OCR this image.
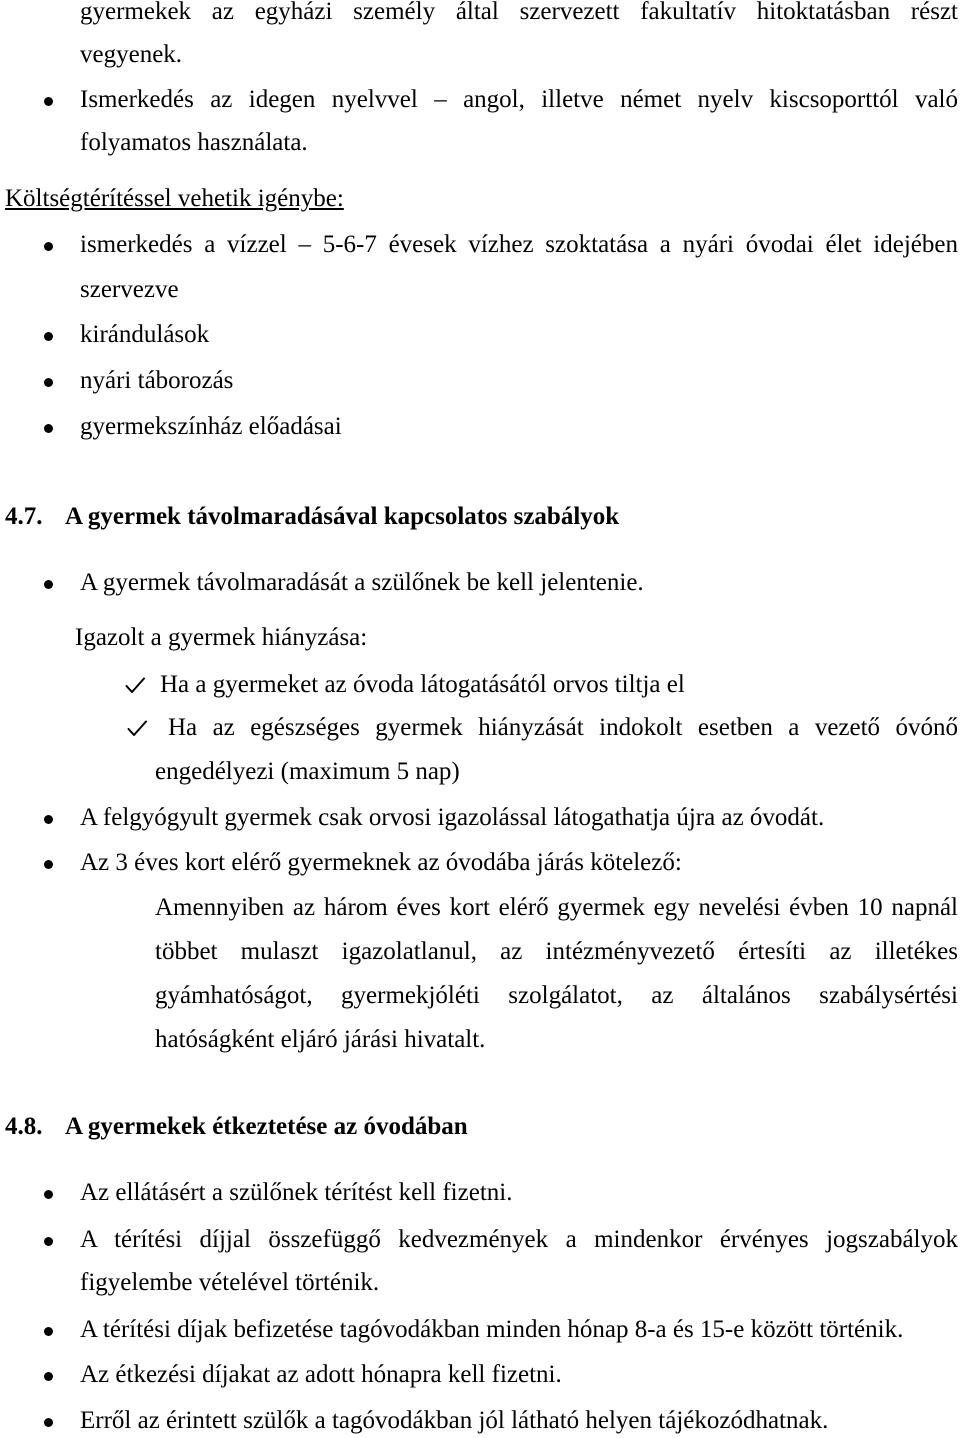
gyermekek az egyházi személy által szervezett fakultatív hitoktatásban részt
vegyenek.
Ismerkedés az idegen nyelvvel – angol, illetve német nyelv kiscsoporttól való
folyamatos használata.
Költségtérítéssel vehetik igénybe:
ismerkedés a vízzel – 5-6-7 évesek vízhez szoktatása a nyári óvodai élet idejében
szervezve
kirándulások
nyári táborozás
gyermekszínház előadásai
4.7. A gyermek távolmaradásával kapcsolatos szabályok
A gyermek távolmaradását a szülőnek be kell jelentenie.
Igazolt a gyermek hiányzása:
Ha a gyermeket az óvoda látogatásától orvos tiltja el
Ha az egészséges gyermek hiányzását indokolt esetben a vezető óvónő
engedélyezi (maximum 5 nap)
A felgyógyult gyermek csak orvosi igazolással látogathatja újra az óvodát.
Az 3 éves kort elérő gyermeknek az óvodába járás kötelező:
Amennyiben az három éves kort elérő gyermek egy nevelési évben 10 napnál
többet mulaszt igazolatlanul, az intézményvezető értesíti az illetékes
gyámhatóságot, gyermekjóléti szolgálatot, az általános szabálysértési
hatóságként eljáró járási hivatalt.
4.8. A gyermekek étkeztetése az óvodában
Az ellátásért a szülőnek térítést kell fizetni.
A térítési díjjal összefüggő kedvezmények a mindenkor érvényes jogszabályok
figyelembe vételével történik.
A térítési díjak befizetése tagóvodákban minden hónap 8-a és 15-e között történik.
Az étkezési díjakat az adott hónapra kell fizetni.
Erről az érintett szülők a tagóvodákban jól látható helyen tájékozódhatnak.
